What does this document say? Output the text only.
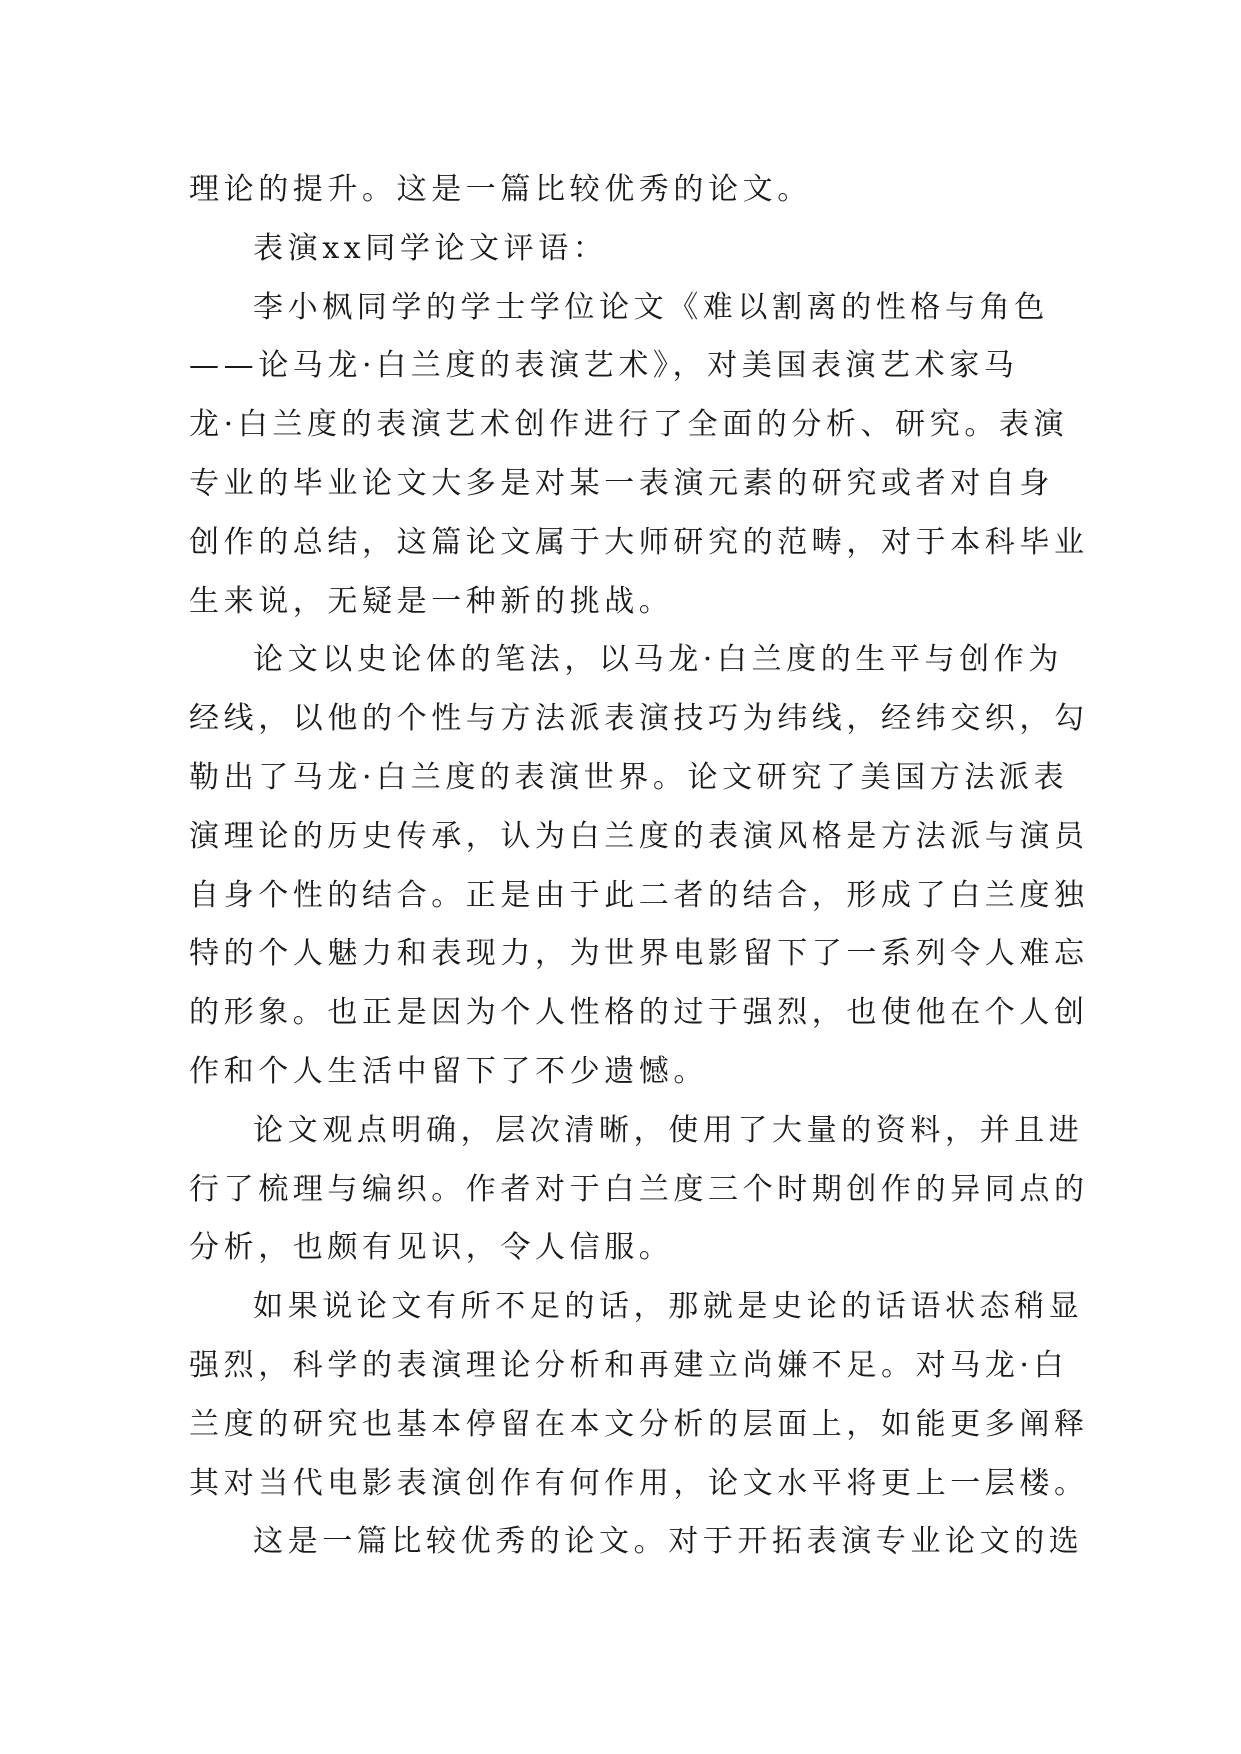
理论的提升。这是一篇比较优秀的论文。
表演xx同学论文评语：
李小枫同学的学士学位论文《难以割离的性格与角色
——论马龙·白兰度的表演艺术》，对美国表演艺术家马
龙·白兰度的表演艺术创作进行了全面的分析、研究。表演
专业的毕业论文大多是对某一表演元素的研究或者对自身
创作的总结，这篇论文属于大师研究的范畴，对于本科毕业
生来说，无疑是一种新的挑战。
论文以史论体的笔法，以马龙·白兰度的生平与创作为
经线，以他的个性与方法派表演技巧为纬线，经纬交织，勾
勒出了马龙·白兰度的表演世界。论文研究了美国方法派表
演理论的历史传承，认为白兰度的表演风格是方法派与演员
自身个性的结合。正是由于此二者的结合，形成了白兰度独
特的个人魅力和表现力，为世界电影留下了一系列令人难忘
的形象。也正是因为个人性格的过于强烈，也使他在个人创
作和个人生活中留下了不少遗憾。
论文观点明确，层次清晰，使用了大量的资料，并且进
行了梳理与编织。作者对于白兰度三个时期创作的异同点的
分析，也颇有见识，令人信服。
如果说论文有所不足的话，那就是史论的话语状态稍显
强烈，科学的表演理论分析和再建立尚嫌不足。对马龙·白
兰度的研究也基本停留在本文分析的层面上，如能更多阐释
其对当代电影表演创作有何作用，论文水平将更上一层楼。
这是一篇比较优秀的论文。对于开拓表演专业论文的选
